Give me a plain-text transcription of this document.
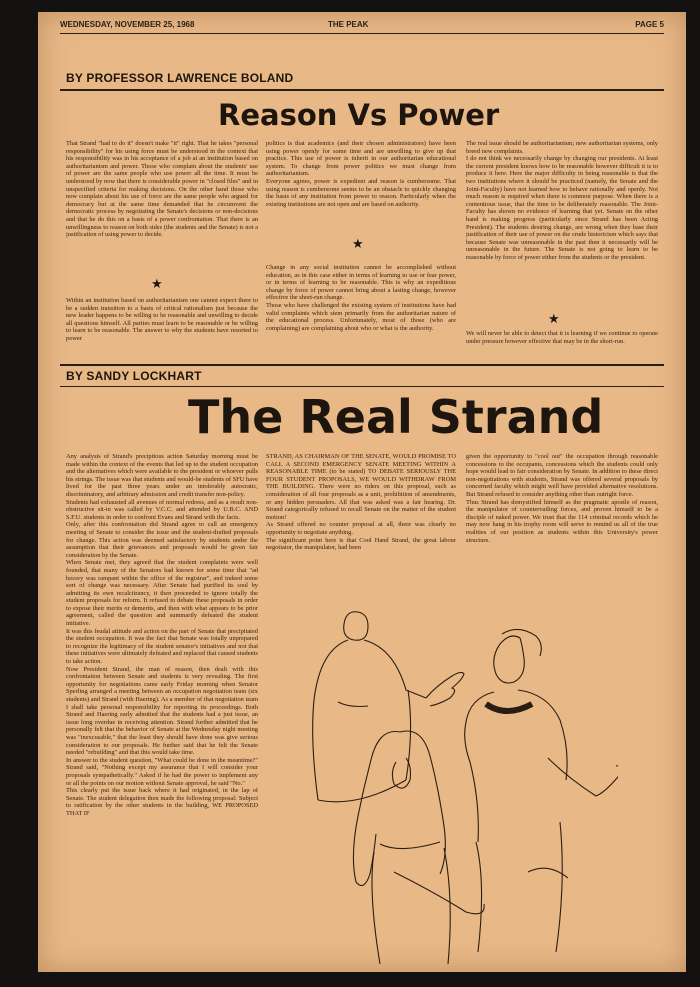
WEDNESDAY, NOVEMBER 25, 1968	THE PEAK	PAGE 5
BY PROFESSOR LAWRENCE BOLAND
Reason Vs Power
That Strand "had to do it" doesn't make "it" right. That he takes "personal responsibility" for his using force must be understood in the context that his responsibility was in his acceptance of a job at an institution based on authoritarianism and power. Those who complain about the students' use of power are the same people who use power all the time. It must be understood by now that there is considerable power in "closed files" and in unspecified criteria for making decisions. On the other hand those who now complain about his use of force are the same people who argued for democracy but at the same time demanded that he circumvent the democratic process by negotiating the Senate's decisions or non-decisions and that he do this on a basis of a power confrontation. That there is an unwillingness to reason on both sides (the students and the Senate) is not a justification of using power to decide.
★
Within an institution based on authoritarianism one cannot expect there to be a sudden transition to a basis of critical rationalism just because the new leader happens to be willing to be reasonable and unwilling to decide all questions himself. All parties must learn to be reasonable or be willing to learn to be reasonable. The answer to why the students have resorted to power
politics is that academics (and their chosen administrators) have been using power openly for some time and are unwilling to give up that practice. This use of power is inherit in our authoritarian educational system. To change from power politics we must change from authoritarianism.
Everyone agrees, power is expedient and reason is cumbersome. That using reason is cumbersome seems to be an obstacle to quickly changing the basis of any institution from power to reason. Particularly when the existing institutions are not open and are based on authority.
★
Change in any social institution cannot be accomplished without education, as in this case either in terms of learning to use or fear power, or in terms of learning to be reasonable. This is why an expeditious change by force of power cannot bring about a lasting change, however effective the short-run change.
Those who have challenged the existing system of institutions have had valid complaints which stem primarily from the authoritarian nature of the educational process. Unfortunately, most of those (who are complaining) are complaining about who or what is the authority.
The real issue should be authoritarianism; new authoritarian systems, only breed new complaints.
I do not think we necessarily change by changing our presidents. At least the current president knows how to be reasonable however difficult it is to produce it here. Here the major difficulty in being reasonable is that the two institutions where it should be practiced (namely, the Senate and the Joint-Faculty) have not learned how to behave rationally and openly. Not much reason is required when there is common purpose. When there is a contentious issue, that the time to be deliberately reasonable. The Joint-Faculty has shown no evidence of learning that yet. Senate on the other hand is making progress (particularly since Strand has been Acting President). The students desiring change, are wrong when they base their justification of their use of power on the crude historicism which says that because Senate was unreasonable in the past then it necessarily will be unreasonable in the future. The Senate is not going to learn to be reasonable by force of power either from the students or the president.
★
We will never be able to detect that it is learning if we continue to operate under pressure however effective that may be in the short-run.
BY SANDY LOCKHART
The Real Strand
Any analysis of Strand's precipitous action Saturday morning must be made within the context of the events that led up to the student occupation and the alternatives which were available to the president or whoever pulls his strings. The issue was that students and would-be students of SFU have lived for the past three years under an intolerably autocratic, discriminatory, and arbitrary admission and credit transfer non-policy.
Students had exhausted all avenues of normal redress, and as a result non-obstructive sit-in was called by V.C.C. and attended by U.B.C. AND S.F.U. students in order to confront Evans and Strand with the facts.
Only, after this confrontation did Strand agree to call an emergency meeting of Senate to consider the issue and the student-drafted proposals for change. This action was deemed satisfactory by students under the assumption that their grievances and proposals would be given fair consideration by the Senate.
When Senate met, they agreed that the student complaints were well founded, that many of the Senators had known for some time that "ad hocery was rampant within the office of the registrar", and indeed some sort of change was necessary. After Senate had purified its soul by admitting its own recalcitrancy, it then proceeded to ignore totally the student proposals for reform. It refused to debate these proposals in order to expose their merits or demerits, and then with what appears to be prior agreement, called the question and summarily defeated the student initiative.
It was this feudal attitude and action on the part of Senate that precipitated the student occupation. It was the fact that Senate was totally unprepared to recognize the legitimacy of the student senator's initiatives and not that these initiatives were ultimately defeated and replaced that caused students to take action.
Now President Strand, the man of reason, then dealt with this confrontation between Senate and students is very revealing. The first opportunity for negotiations came early Friday morning when Senator Sperling arranged a meeting between an occupation negotiation team (six students) and Strand (with Haering). As a member of that negotiation team I shall take personal responsibility for reporting its proceedings. Both Strand and Haering early admitted that the students had a just issue, an issue long overdue in receiving attention. Strand further admitted that he personally felt that the behavior of Senate at the Wednesday night meeting was "inexcusable," that the least they should have done was give serious consideration to our proposals. He further said that he felt the Senate needed "rebuilding" and that this would take time.
In answer to the student question, "What could be done in the meantime?" Strand said, "Nothing except my assurance that I will consider your proposals sympathetically." Asked if he had the power to implement any or all the points on our motion without Senate approval, he said "No."
This clearly put the issue back where it had originated, in the lap of Senate. The student delegation then made the following proposal: Subject to ratification by the other students in the building, WE PROPOSED THAT IF
STRAND, AS CHAIRMAN OF THE SENATE, WOULD PROMISE TO CALL A SECOND EMERGENCY SENATE MEETING WITHIN A REASONABLE TIME (to be stated) TO DEBATE SERIOUSLY THE FOUR STUDENT PROPOSALS, WE WOULD WITHDRAW FROM THE BUILDING. There were no riders on this proposal, such as consideration of all four proposals as a unit, prohibition of amendments, or any hidden persuaders. All that was asked was a fair hearing. Dr. Strand categorically refused to recall Senate on the matter of the student motion!
As Strand offered no counter proposal at all, there was clearly no opportunity to negotiate anything.
The significant point here is that Cool Hand Strand, the great labour negotiator, the manipulator, had been
given the opportunity to "cool out" the occupation through reasonable concessions to the occupants, concessions which the students could only hope would lead to fair consideration by Senate. In addition to these direct non-negotiations with students, Strand was offered several proposals by concerned faculty which might well have provided alternative resolutions. But Strand refused to consider anything other than outright force.
Thus Strand has demystified himself as the pragmatic apostle of reason, the manipulator of countervailing forces, and proven himself to be a disciple of naked power. We trust that the 114 criminal records which he may now hang in his trophy room will serve to remind us all of the true realities of our position as students within this University's power structure.
